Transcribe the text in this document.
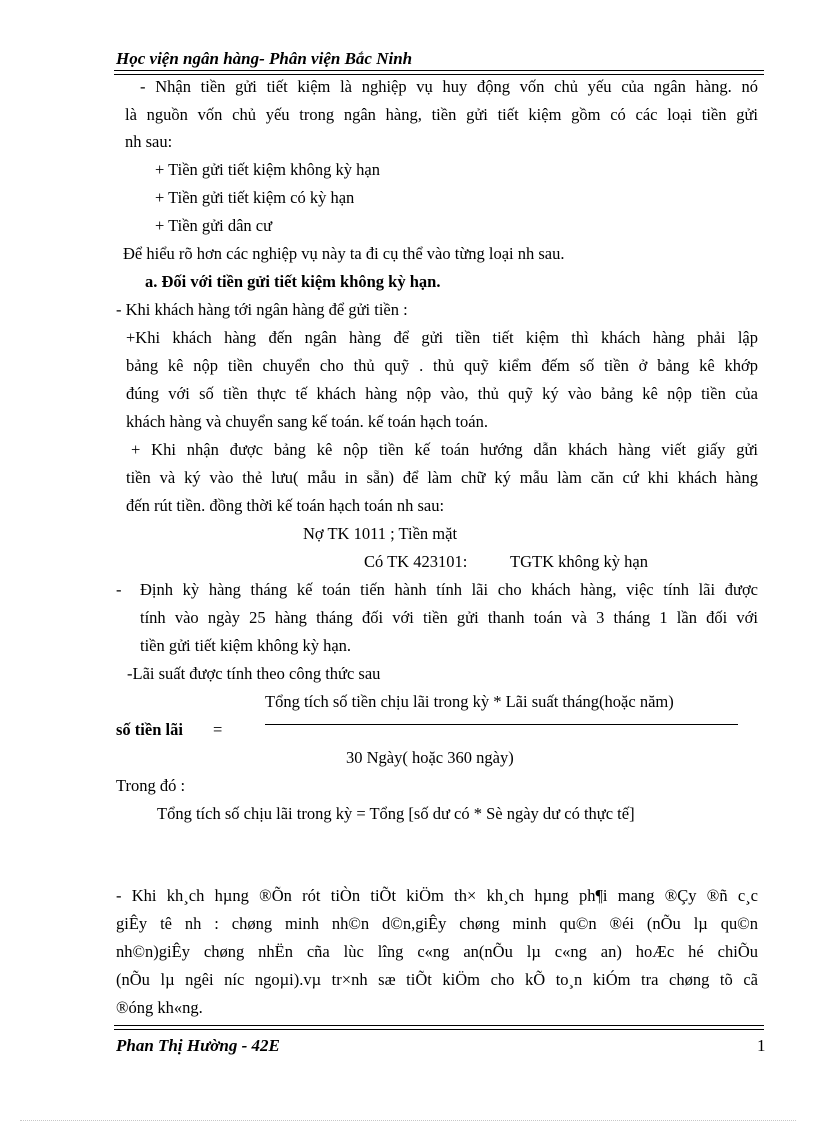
Học viện ngân hàng- Phân viện Bắc Ninh
- Nhận tiền gửi tiết kiệm là nghiệp vụ huy động vốn chủ yếu của ngân hàng. nó
là nguồn vốn chủ yếu trong ngân hàng, tiền gửi tiết kiệm gồm có các loại tiền gửi
nh sau:
+ Tiền gửi tiết kiệm không kỳ hạn
+ Tiền gửi tiết kiệm có kỳ hạn
+ Tiền gửi dân cư
Để hiểu rõ hơn các nghiệp vụ này ta đi cụ thể vào từng loại nh sau.
a. Đối với tiền gửi tiết kiệm không kỳ hạn.
- Khi khách hàng tới ngân hàng để gửi tiền :
+Khi khách hàng đến ngân hàng để gửi tiền tiết kiệm thì khách hàng phải lập
bảng kê nộp tiền chuyển cho thủ quỹ . thủ quỹ kiểm đếm số tiền ở bảng kê khớp
đúng với số tiền thực tế khách hàng nộp vào, thủ quỹ ký vào bảng kê nộp tiền của
khách hàng và chuyển sang kế toán. kế toán hạch toán.
+ Khi nhận được bảng kê nộp tiền kế toán hướng dẫn khách hàng viết giấy gửi
tiền và ký vào thẻ lưu( mẫu in sẵn) để làm chữ ký mẫu làm căn cứ khi khách hàng
đến rút tiền. đồng thời kế toán hạch toán nh sau:
Nợ TK 1011 ; Tiền mặt
Có TK 423101:	TGTK không kỳ hạn
- Định kỳ hàng tháng kế toán tiến hành tính lãi cho khách hàng, việc tính lãi được
tính vào ngày 25 hàng tháng đối với tiền gửi thanh toán và 3 tháng 1 lần đối với
tiền gửi tiết kiệm không kỳ hạn.
-Lãi suất được tính theo công thức sau
Tổng tích số tiền chịu lãi trong kỳ * Lãi suất tháng(hoặc năm)
số tiền lãi =
30 Ngày( hoặc 360 ngày)
Trong đó :
Tổng tích số chịu lãi trong kỳ = Tổng [số dư có * Sè ngày dư có thực tế]
- Khi kh¸ch hµng ®Õn rót tiÒn tiÕt kiÖm th× kh¸ch hµng ph¶i mang ®Çy ®ñ c¸c
giÊy tê nh : chøng minh nh©n d©n,giÊy chøng minh qu©n ®éi (nÕu lµ qu©n
nh©n)giÊy chøng nhËn cña lùc lîng c«ng an(nÕu lµ c«ng an) hoÆc hé chiÕu
(nÕu lµ ngêi níc ngoµi).vµ tr×nh sæ tiÕt kiÖm cho kÕ to¸n kiÓm tra chøng tõ cã
®óng kh«ng.
Phan Thị Hường - 42E	1
